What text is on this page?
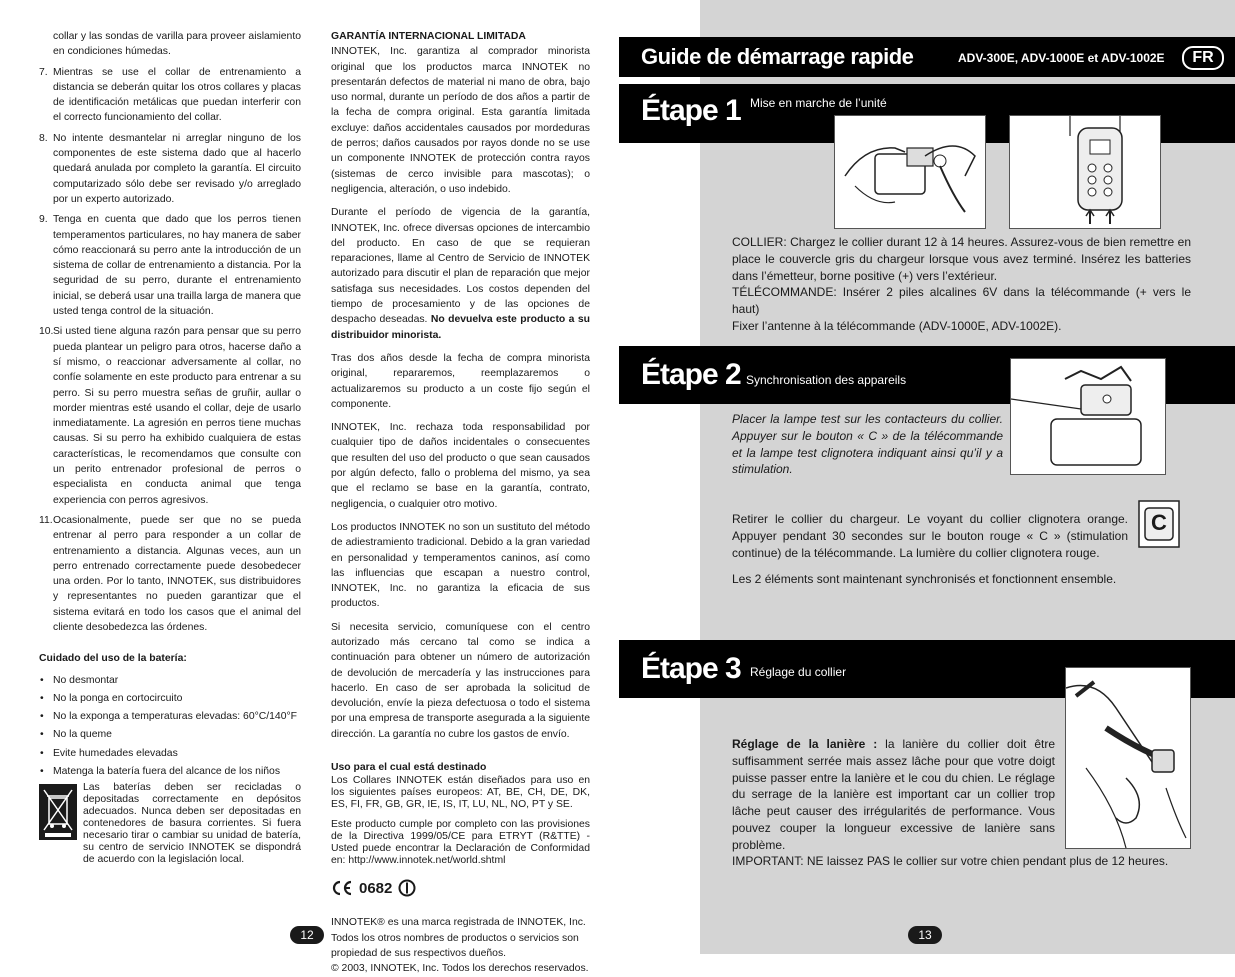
collar y las sondas de varilla para proveer aislamiento en condiciones húmedas.
7. Mientras se use el collar de entrenamiento a distancia se deberán quitar los otros collares y placas de identificación metálicas que puedan interferir con el correcto funcionamiento del collar.
8. No intente desmantelar ni arreglar ninguno de los componentes de este sistema dado que al hacerlo quedará anulada por completo la garantía. El circuito computarizado sólo debe ser revisado y/o arreglado por un experto autorizado.
9. Tenga en cuenta que dado que los perros tienen temperamentos particulares, no hay manera de saber cómo reaccionará su perro ante la introducción de un sistema de collar de entrenamiento a distancia. Por la seguridad de su perro, durante el entrenamiento inicial, se deberá usar una trailla larga de manera que usted tenga control de la situación.
10. Si usted tiene alguna razón para pensar que su perro pueda plantear un peligro para otros, hacerse daño a sí mismo, o reaccionar adversamente al collar, no confíe solamente en este producto para entrenar a su perro. Si su perro muestra señas de gruñir, aullar o morder mientras esté usando el collar, deje de usarlo inmediatamente. La agresión en perros tiene muchas causas. Si su perro ha exhibido cualquiera de estas características, le recomendamos que consulte con un perito entrenador profesional de perros o especialista en conducta animal que tenga experiencia con perros agresivos.
11. Ocasionalmente, puede ser que no se pueda entrenar al perro para responder a un collar de entrenamiento a distancia. Algunas veces, aun un perro entrenado correctamente puede desobedecer una orden. Por lo tanto, INNOTEK, sus distribuidores y representantes no pueden garantizar que el sistema evitará en todo los casos que el animal del cliente desobedezca las órdenes.
Cuidado del uso de la batería:
• No desmontar
• No la ponga en cortocircuito
• No la exponga a temperaturas elevadas: 60°C/140°F
• No la queme
• Evite humedades elevadas
• Matenga la batería fuera del alcance de los niños
Las baterías deben ser recicladas o depositadas correctamente en depósitos adecuados. Nunca deben ser depositadas en contenedores de basura corrientes. Si fuera necesario tirar o cambiar su unidad de batería, su centro de servicio INNOTEK se dispondrá de acuerdo con la legislación local.
GARANTÍA INTERNACIONAL LIMITADA

INNOTEK, Inc. garantiza al comprador minorista original que los productos marca INNOTEK no presentarán defectos de material ni mano de obra, bajo uso normal, durante un período de dos años a partir de la fecha de compra original. Esta garantía limitada excluye: daños accidentales causados por mordeduras de perros; daños causados por rayos donde no se use un componente INNOTEK de protección contra rayos (sistemas de cerco invisible para mascotas); o negligencia, alteración, o uso indebido.

Durante el período de vigencia de la garantía, INNOTEK, Inc. ofrece diversas opciones de intercambio del producto. En caso de que se requieran reparaciones, llame al Centro de Servicio de INNOTEK autorizado para discutir el plan de reparación que mejor satisfaga sus necesidades. Los costos dependen del tiempo de procesamiento y de las opciones de despacho deseadas. No devuelva este producto a su distribuidor minorista.

Tras dos años desde la fecha de compra minorista original, repararemos, reemplazaremos o actualizaremos su producto a un coste fijo según el componente.

INNOTEK, Inc. rechaza toda responsabilidad por cualquier tipo de daños incidentales o consecuentes que resulten del uso del producto o que sean causados por algún defecto, fallo o problema del mismo, ya sea que el reclamo se base en la garantía, contrato, negligencia, o cualquier otro motivo.

Los productos INNOTEK no son un sustituto del método de adiestramiento tradicional. Debido a la gran variedad en personalidad y temperamentos caninos, así como las influencias que escapan a nuestro control, INNOTEK, Inc. no garantiza la eficacia de sus productos.

Si necesita servicio, comuníquese con el centro autorizado más cercano tal como se indica a continuación para obtener un número de autorización de devolución de mercadería y las instrucciones para hacerlo. En caso de ser aprobada la solicitud de devolución, envíe la pieza defectuosa o todo el sistema por una empresa de transporte asegurada a la siguiente dirección. La garantía no cubre los gastos de envío.

Uso para el cual está destinado

Los Collares INNOTEK están diseñados para uso en los siguientes países europeos: AT, BE, CH, DE, DK, ES, FI, FR, GB, GR, IE, IS, IT, LU, NL, NO, PT y SE.

Este producto cumple por completo con las provisiones de la Directiva 1999/05/CE para ETRYT (R&TTE) - Usted puede encontrar la Declaración de Conformidad en: http://www.innotek.net/world.shtml

0682
INNOTEK® es una marca registrada de INNOTEK, Inc.
Todos los otros nombres de productos o servicios son propiedad de sus respectivos dueños.
© 2003, INNOTEK, Inc. Todos los derechos reservados.
12
Guide de démarrage rapide	ADV-300E, ADV-1000E et ADV-1002E	FR
Étape 1 Mise en marche de l’unité
COLLIER: Chargez le collier durant 12 à 14 heures. Assurez-vous de bien remettre en place le couvercle gris du chargeur lorsque vous avez terminé. Insérez les batteries dans l’émetteur, borne positive (+) vers l’extérieur.
TÉLÉCOMMANDE: Insérer 2 piles alcalines 6V dans la télécommande (+ vers le haut)
Fixer l’antenne à la télécommande (ADV-1000E, ADV-1002E).
Étape 2 Synchronisation des appareils
Placer la lampe test sur les contacteurs du collier. Appuyer sur le bouton « C » de la télécommande et la lampe test clignotera indiquant ainsi qu’il y a stimulation.
Retirer le collier du chargeur. Le voyant du collier clignotera orange. Appuyer pendant 30 secondes sur le bouton rouge « C » (stimulation continue) de la télécommande. La lumière du collier clignotera rouge.
C
Les 2 éléments sont maintenant synchronisés et fonctionnent ensemble.
Étape 3 Réglage du collier
Réglage de la lanière : la lanière du collier doit être suffisamment serrée mais assez lâche pour que votre doigt puisse passer entre la lanière et le cou du chien. Le réglage du serrage de la lanière est important car un collier trop lâche peut causer des irrégularités de performance. Vous pouvez couper la longueur excessive de lanière sans problème.
IMPORTANT: NE laissez PAS le collier sur votre chien pendant plus de 12 heures.
13
